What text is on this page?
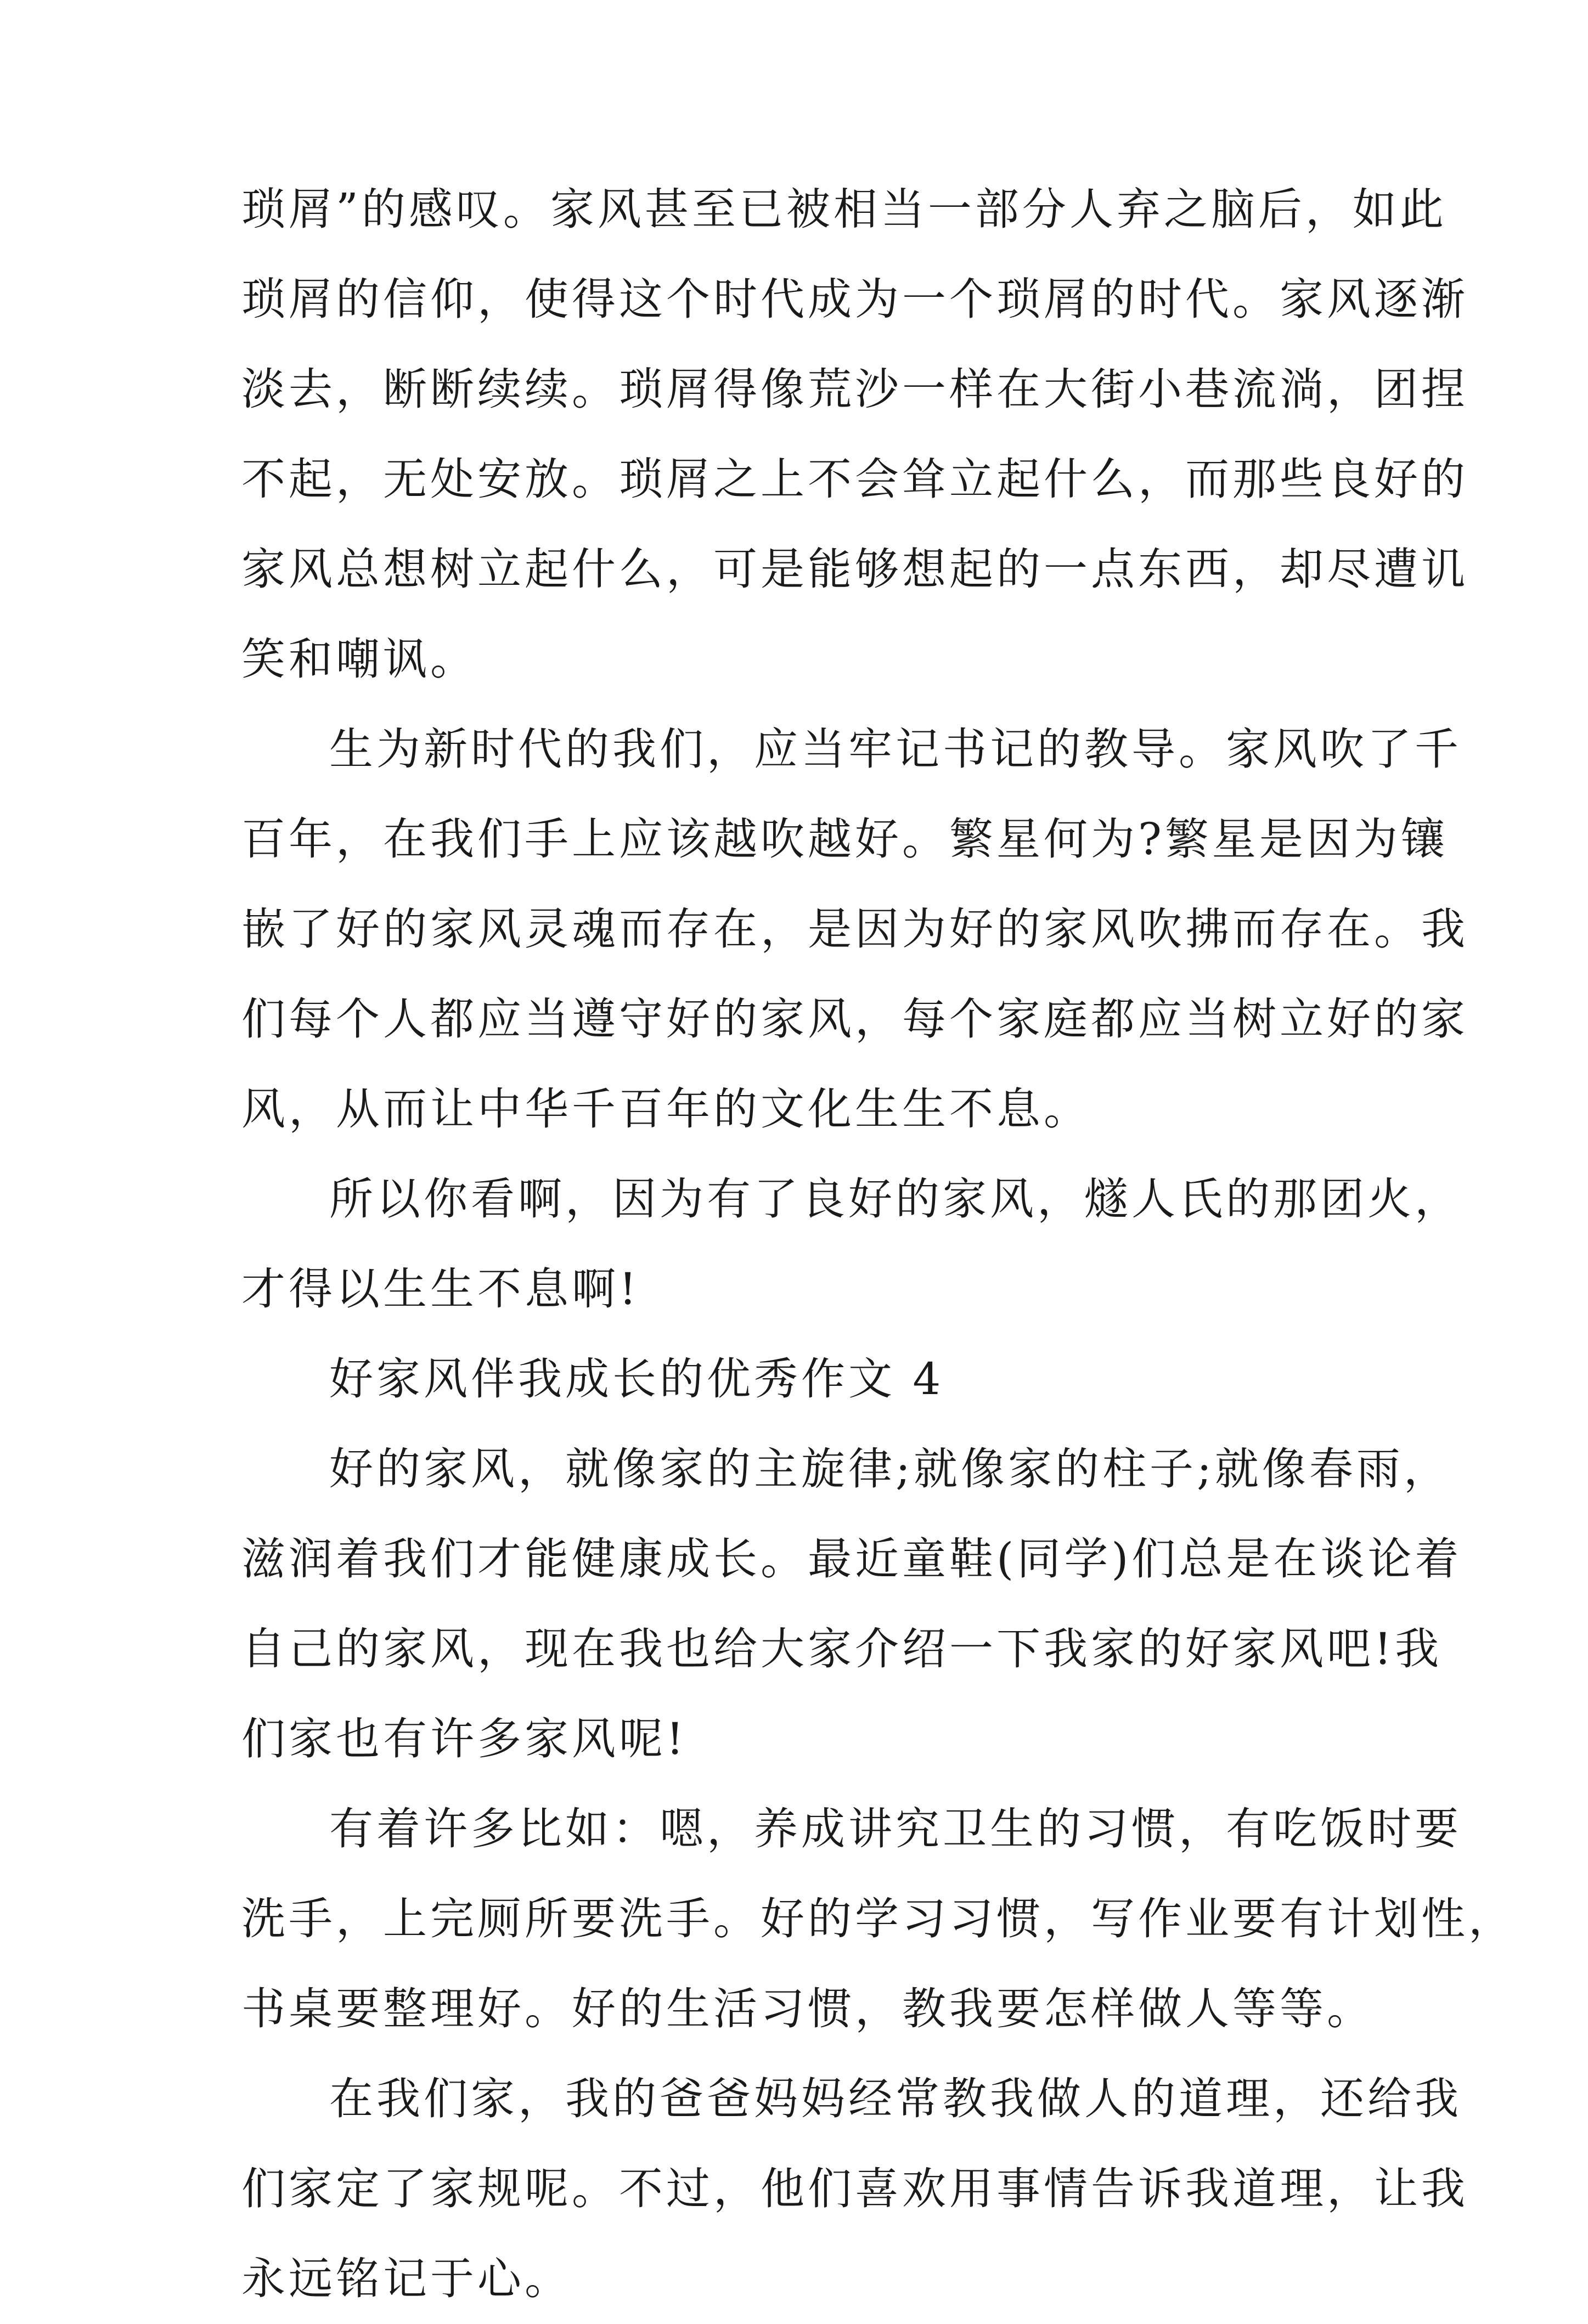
琐屑”的感叹。家风甚至已被相当一部分人弃之脑后，如此
琐屑的信仰，使得这个时代成为一个琐屑的时代。家风逐渐
淡去，断断续续。琐屑得像荒沙一样在大街小巷流淌，团捏
不起，无处安放。琐屑之上不会耸立起什么，而那些良好的
家风总想树立起什么，可是能够想起的一点东西，却尽遭讥
笑和嘲讽。

生为新时代的我们，应当牢记书记的教导。家风吹了千
百年，在我们手上应该越吹越好。繁星何为?繁星是因为镶
嵌了好的家风灵魂而存在，是因为好的家风吹拂而存在。我
们每个人都应当遵守好的家风，每个家庭都应当树立好的家
风，从而让中华千百年的文化生生不息。

所以你看啊，因为有了良好的家风，燧人氏的那团火，
才得以生生不息啊!

好家风伴我成长的优秀作文 4

好的家风，就像家的主旋律;就像家的柱子;就像春雨，
滋润着我们才能健康成长。最近童鞋(同学)们总是在谈论着
自己的家风，现在我也给大家介绍一下我家的好家风吧!我
们家也有许多家风呢!

有着许多比如：嗯，养成讲究卫生的习惯，有吃饭时要
洗手，上完厕所要洗手。好的学习习惯，写作业要有计划性，
书桌要整理好。好的生活习惯，教我要怎样做人等等。

在我们家，我的爸爸妈妈经常教我做人的道理，还给我
们家定了家规呢。不过，他们喜欢用事情告诉我道理，让我
永远铭记于心。
